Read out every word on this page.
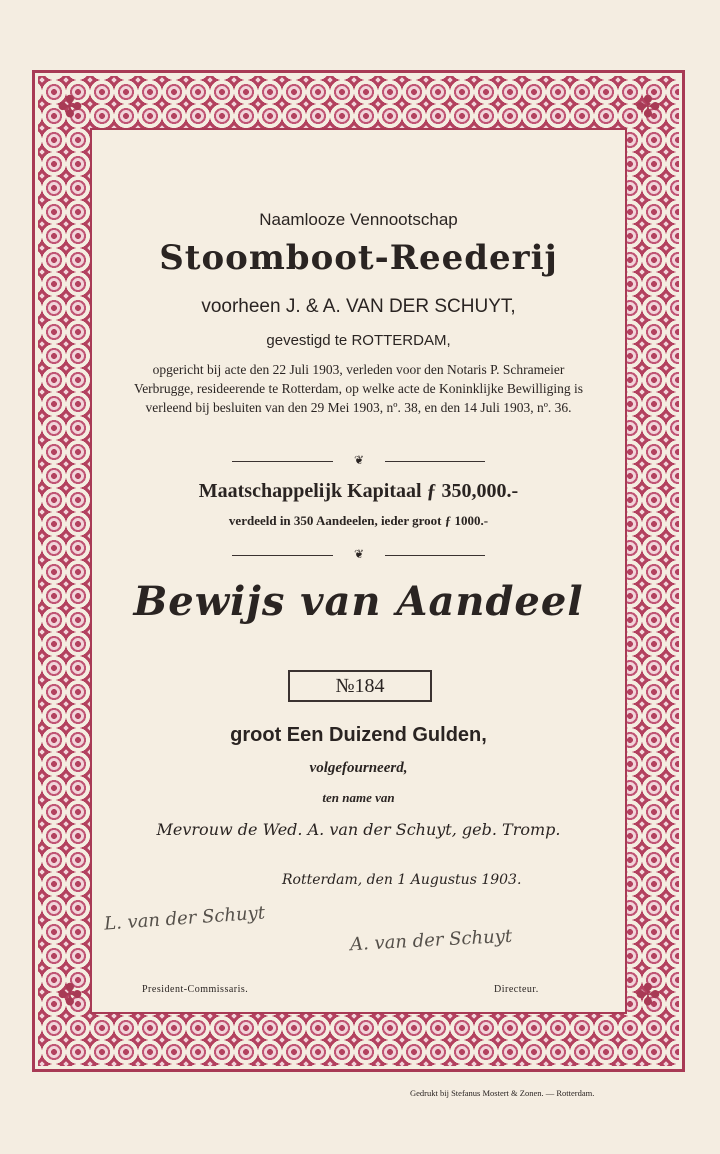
✤	✤
✤	✤
Naamlooze Vennootschap
Stoomboot-Reederij
voorheen J. & A. VAN DER SCHUYT,
gevestigd te ROTTERDAM,
opgericht bij acte den 22 Juli 1903, verleden voor den Notaris P. Schrameier Verbrugge, residеerende te Rotterdam, op welke acte de Koninklijke Bewilliging is verleend bij besluiten van den 29 Mei 1903, nº. 38, en den 14 Juli 1903, nº. 36.
❦
Maatschappelijk Kapitaal ƒ 350,000.-
verdeeld in 350 Aandeelen, ieder groot ƒ 1000.-
❦
Bewijs van Aandeel
№184
groot Een Duizend Gulden,
volgefourneerd,
ten name van
Mevrouw de Wed. A. van der Schuyt, geb. Tromp.
Rotterdam, den 1 Augustus 1903.
L. van der Schuyt
A. van der Schuyt
President-Commissaris.	Directeur.
Gedrukt bij Stefanus Mostert & Zonen. — Rotterdam.
